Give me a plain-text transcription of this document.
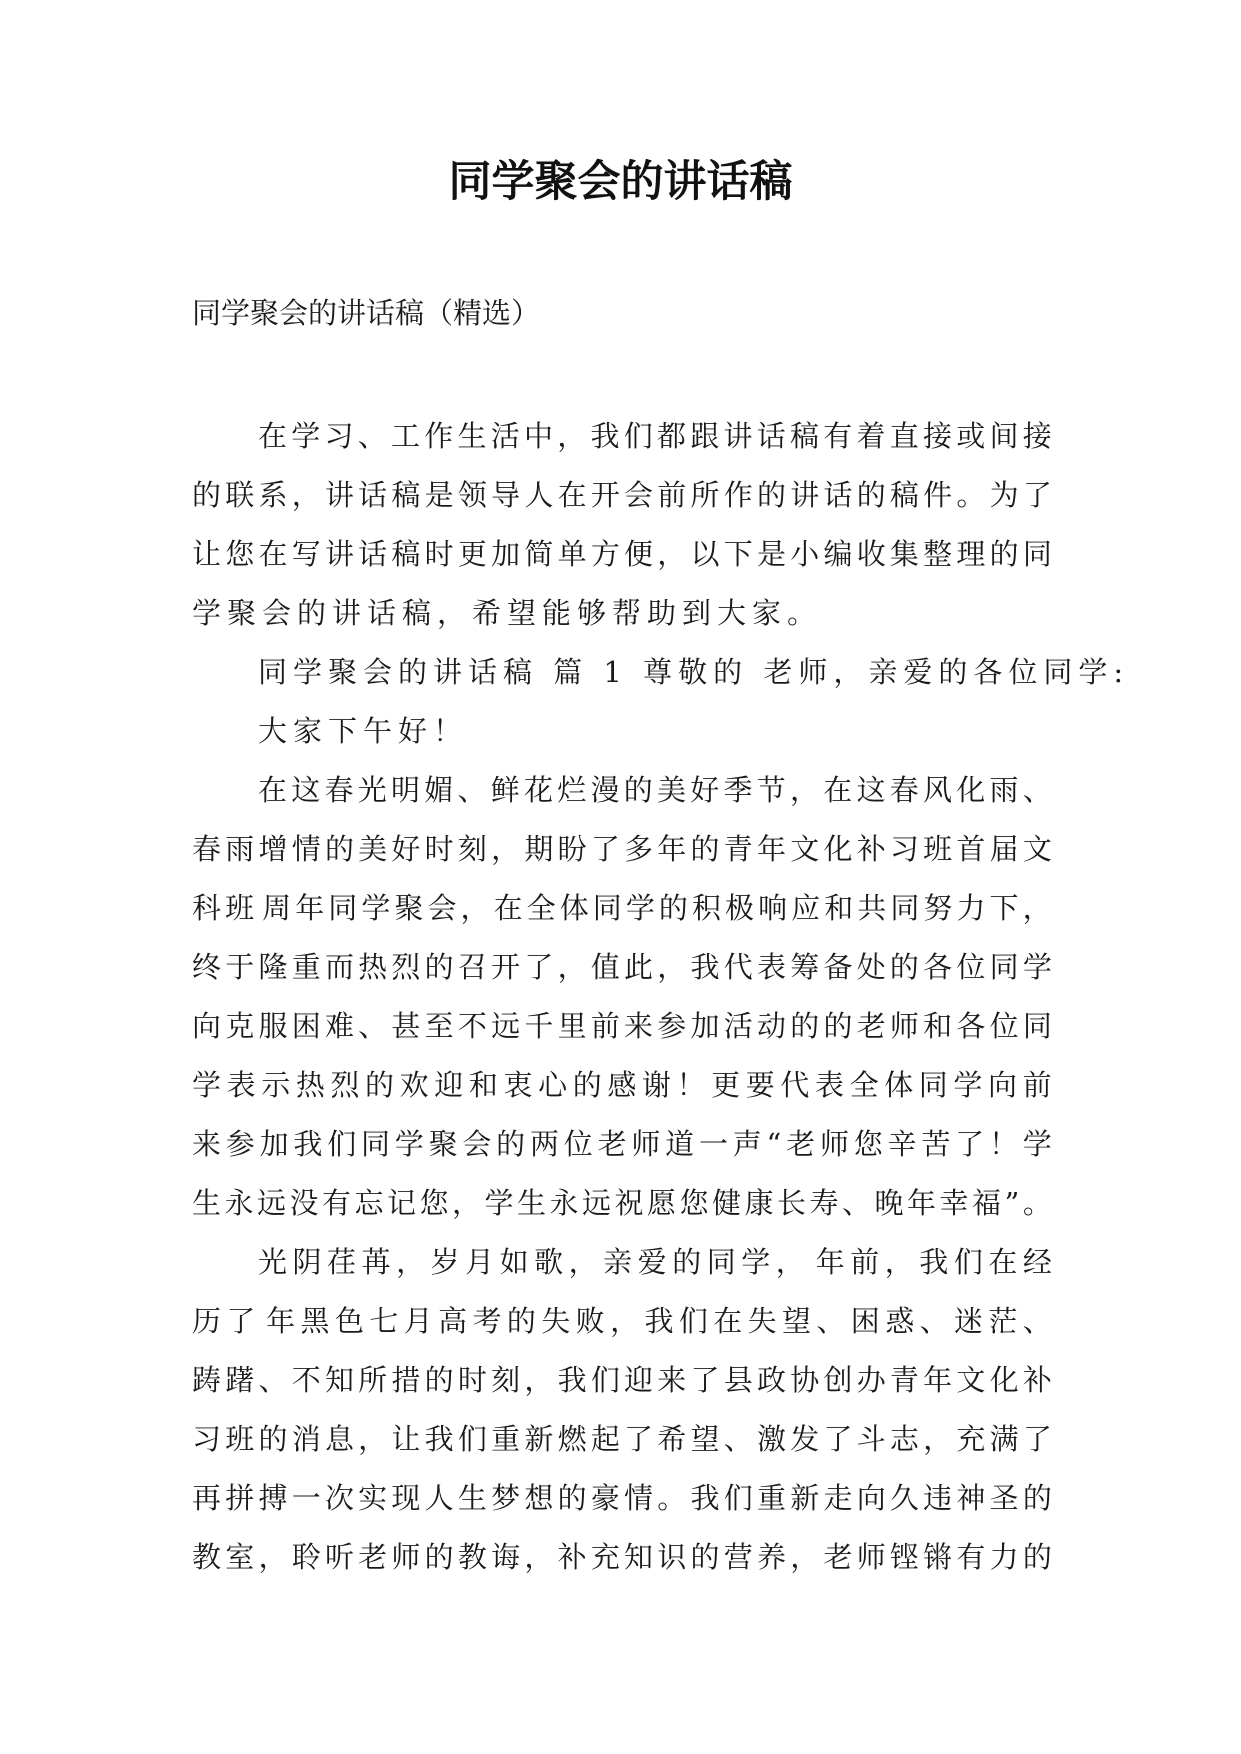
同学聚会的讲话稿
同学聚会的讲话稿（精选）
在 学 习 、 工 作 生 活 中 ， 我 们 都 跟 讲 话 稿 有 着 直 接 或 间 接
的 联 系 ， 讲 话 稿 是 领 导 人 在 开 会 前 所 作 的 讲 话 的 稿 件 。 为 了
让 您 在 写 讲 话 稿 时 更 加 简 单 方 便 ， 以 下 是 小 编 收 集 整 理 的 同
学聚会的讲话稿，希望能够帮助到大家。
同学聚会的讲话稿 篇 1 尊敬的 老师，亲爱的各位同学:
大家下午好！
在 这 春 光 明 媚 、 鲜 花 烂 漫 的 美 好 季 节 ， 在 这 春 风 化 雨 、
春 雨 增 情 的 美 好 时 刻 ， 期 盼 了 多 年 的 青 年 文 化 补 习 班 首 届 文
科 班 周 年 同 学 聚 会 ， 在 全 体 同 学 的 积 极 响 应 和 共 同 努 力 下 ，
终 于 隆 重 而 热 烈 的 召 开 了 ， 值 此 ， 我 代 表 筹 备 处 的 各 位 同 学
向 克 服 困 难 、 甚 至 不 远 千 里 前 来 参 加 活 动 的 的 老 师 和 各 位 同
学 表 示 热 烈 的 欢 迎 和 衷 心 的 感 谢 ！ 更 要 代 表 全 体 同 学 向 前
来 参 加 我 们 同 学 聚 会 的 两 位 老 师 道 一 声 “ 老 师 您 辛 苦 了 ！ 学
生 永 远 没 有 忘 记 您 ， 学 生 永 远 祝 愿 您 健 康 长 寿 、 晚 年 幸 福 ” 。
光 阴 荏 苒 ， 岁 月 如 歌 ， 亲 爱 的 同 学 ， 年 前 ， 我 们 在 经
历 了 年 黑 色 七 月 高 考 的 失 败 ， 我 们 在 失 望 、 困 惑 、 迷 茫 、
踌 躇 、 不 知 所 措 的 时 刻 ， 我 们 迎 来 了 县 政 协 创 办 青 年 文 化 补
习 班 的 消 息 ， 让 我 们 重 新 燃 起 了 希 望 、 激 发 了 斗 志 ， 充 满 了
再 拼 搏 一 次 实 现 人 生 梦 想 的 豪 情 。 我 们 重 新 走 向 久 违 神 圣 的
教 室 ， 聆 听 老 师 的 教 诲 ， 补 充 知 识 的 营 养 ， 老 师 铿 锵 有 力 的
